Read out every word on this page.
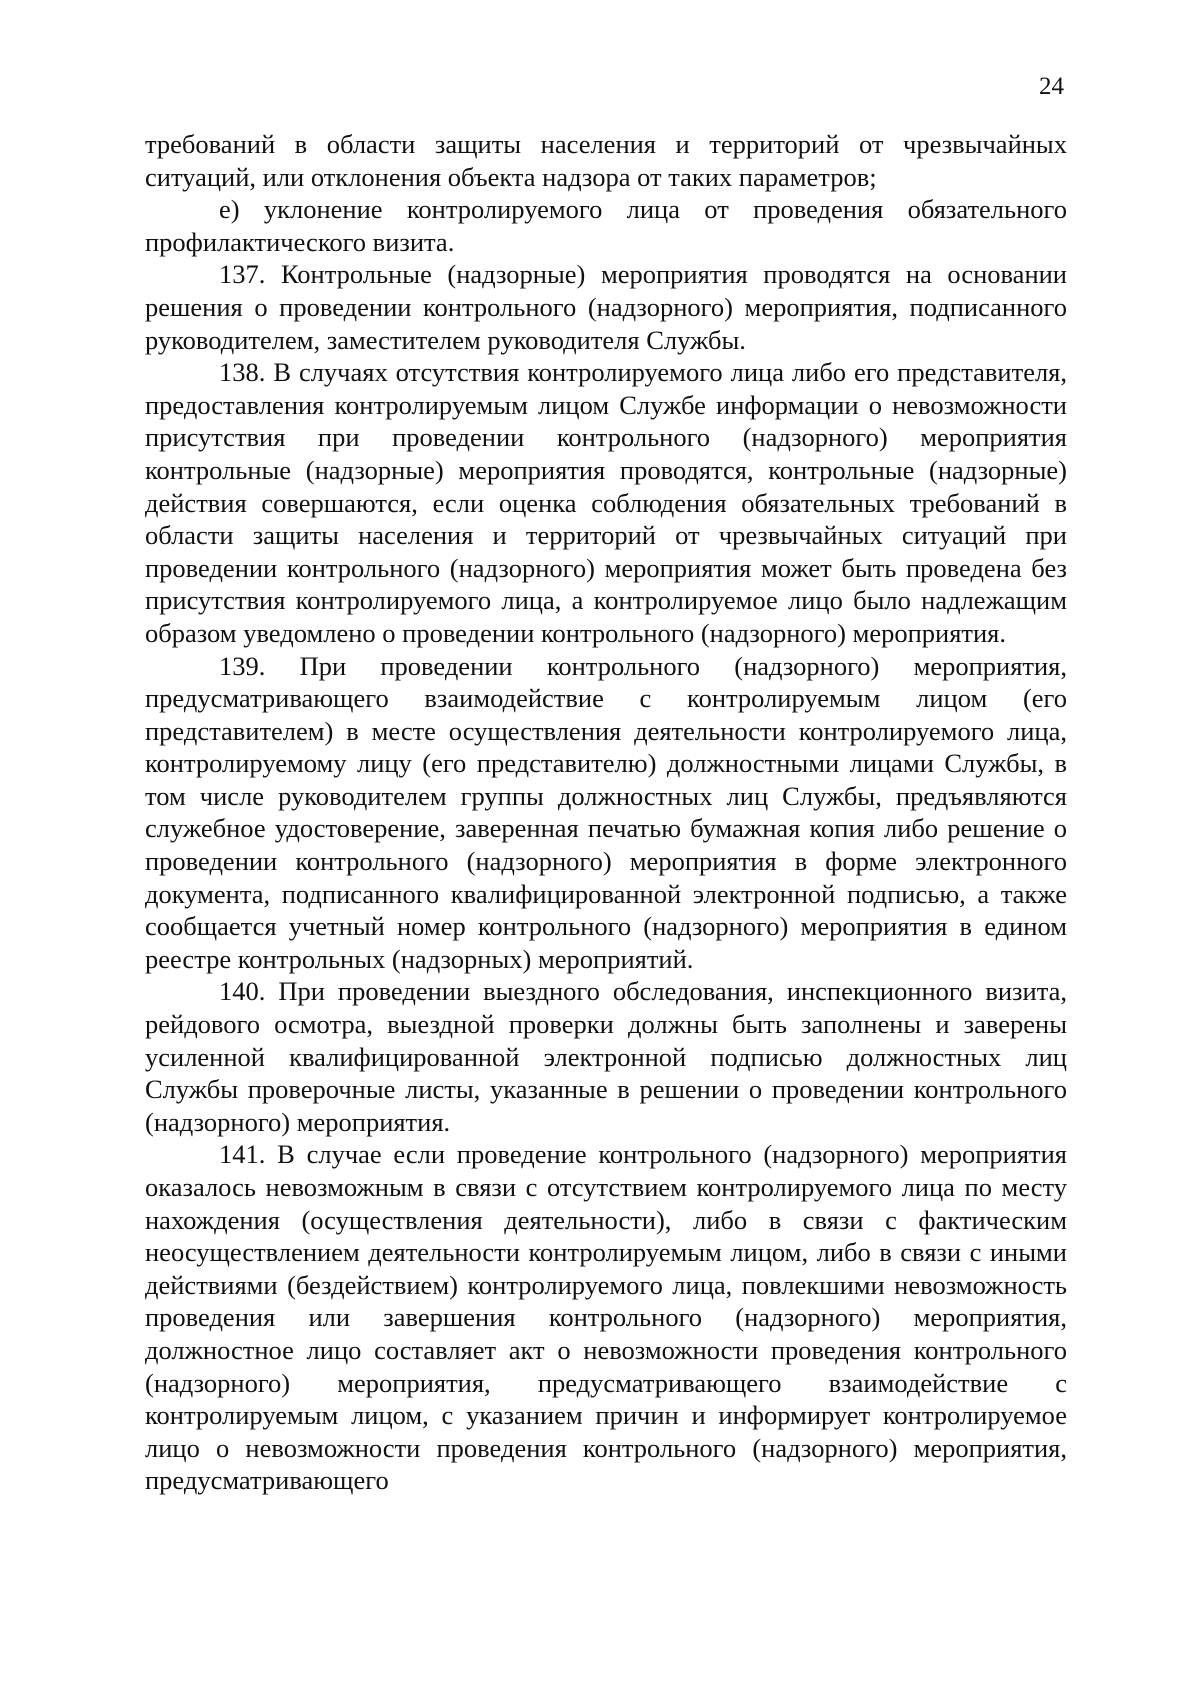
24

требований в области защиты населения и территорий от чрезвычайных ситуаций, или отклонения объекта надзора от таких параметров;

е) уклонение контролируемого лица от проведения обязательного профилактического визита.

137. Контрольные (надзорные) мероприятия проводятся на основании решения о проведении контрольного (надзорного) мероприятия, подписанного руководителем, заместителем руководителя Службы.

138. В случаях отсутствия контролируемого лица либо его представителя, предоставления контролируемым лицом Службе информации о невозможности присутствия при проведении контрольного (надзорного) мероприятия контрольные (надзорные) мероприятия проводятся, контрольные (надзорные) действия совершаются, если оценка соблюдения обязательных требований в области защиты населения и территорий от чрезвычайных ситуаций при проведении контрольного (надзорного) мероприятия может быть проведена без присутствия контролируемого лица, а контролируемое лицо было надлежащим образом уведомлено о проведении контрольного (надзорного) мероприятия.

139. При проведении контрольного (надзорного) мероприятия, предусматривающего взаимодействие с контролируемым лицом (его представителем) в месте осуществления деятельности контролируемого лица, контролируемому лицу (его представителю) должностными лицами Службы, в том числе руководителем группы должностных лиц Службы, предъявляются служебное удостоверение, заверенная печатью бумажная копия либо решение о проведении контрольного (надзорного) мероприятия в форме электронного документа, подписанного квалифицированной электронной подписью, а также сообщается учетный номер контрольного (надзорного) мероприятия в едином реестре контрольных (надзорных) мероприятий.

140. При проведении выездного обследования, инспекционного визита, рейдового осмотра, выездной проверки должны быть заполнены и заверены усиленной квалифицированной электронной подписью должностных лиц Службы проверочные листы, указанные в решении о проведении контрольного (надзорного) мероприятия.

141. В случае если проведение контрольного (надзорного) мероприятия оказалось невозможным в связи с отсутствием контролируемого лица по месту нахождения (осуществления деятельности), либо в связи с фактическим неосуществлением деятельности контролируемым лицом, либо в связи с иными действиями (бездействием) контролируемого лица, повлекшими невозможность проведения или завершения контрольного (надзорного) мероприятия, должностное лицо составляет акт о невозможности проведения контрольного (надзорного) мероприятия, предусматривающего взаимодействие с контролируемым лицом, с указанием причин и информирует контролируемое лицо о невозможности проведения контрольного (надзорного) мероприятия, предусматривающего
